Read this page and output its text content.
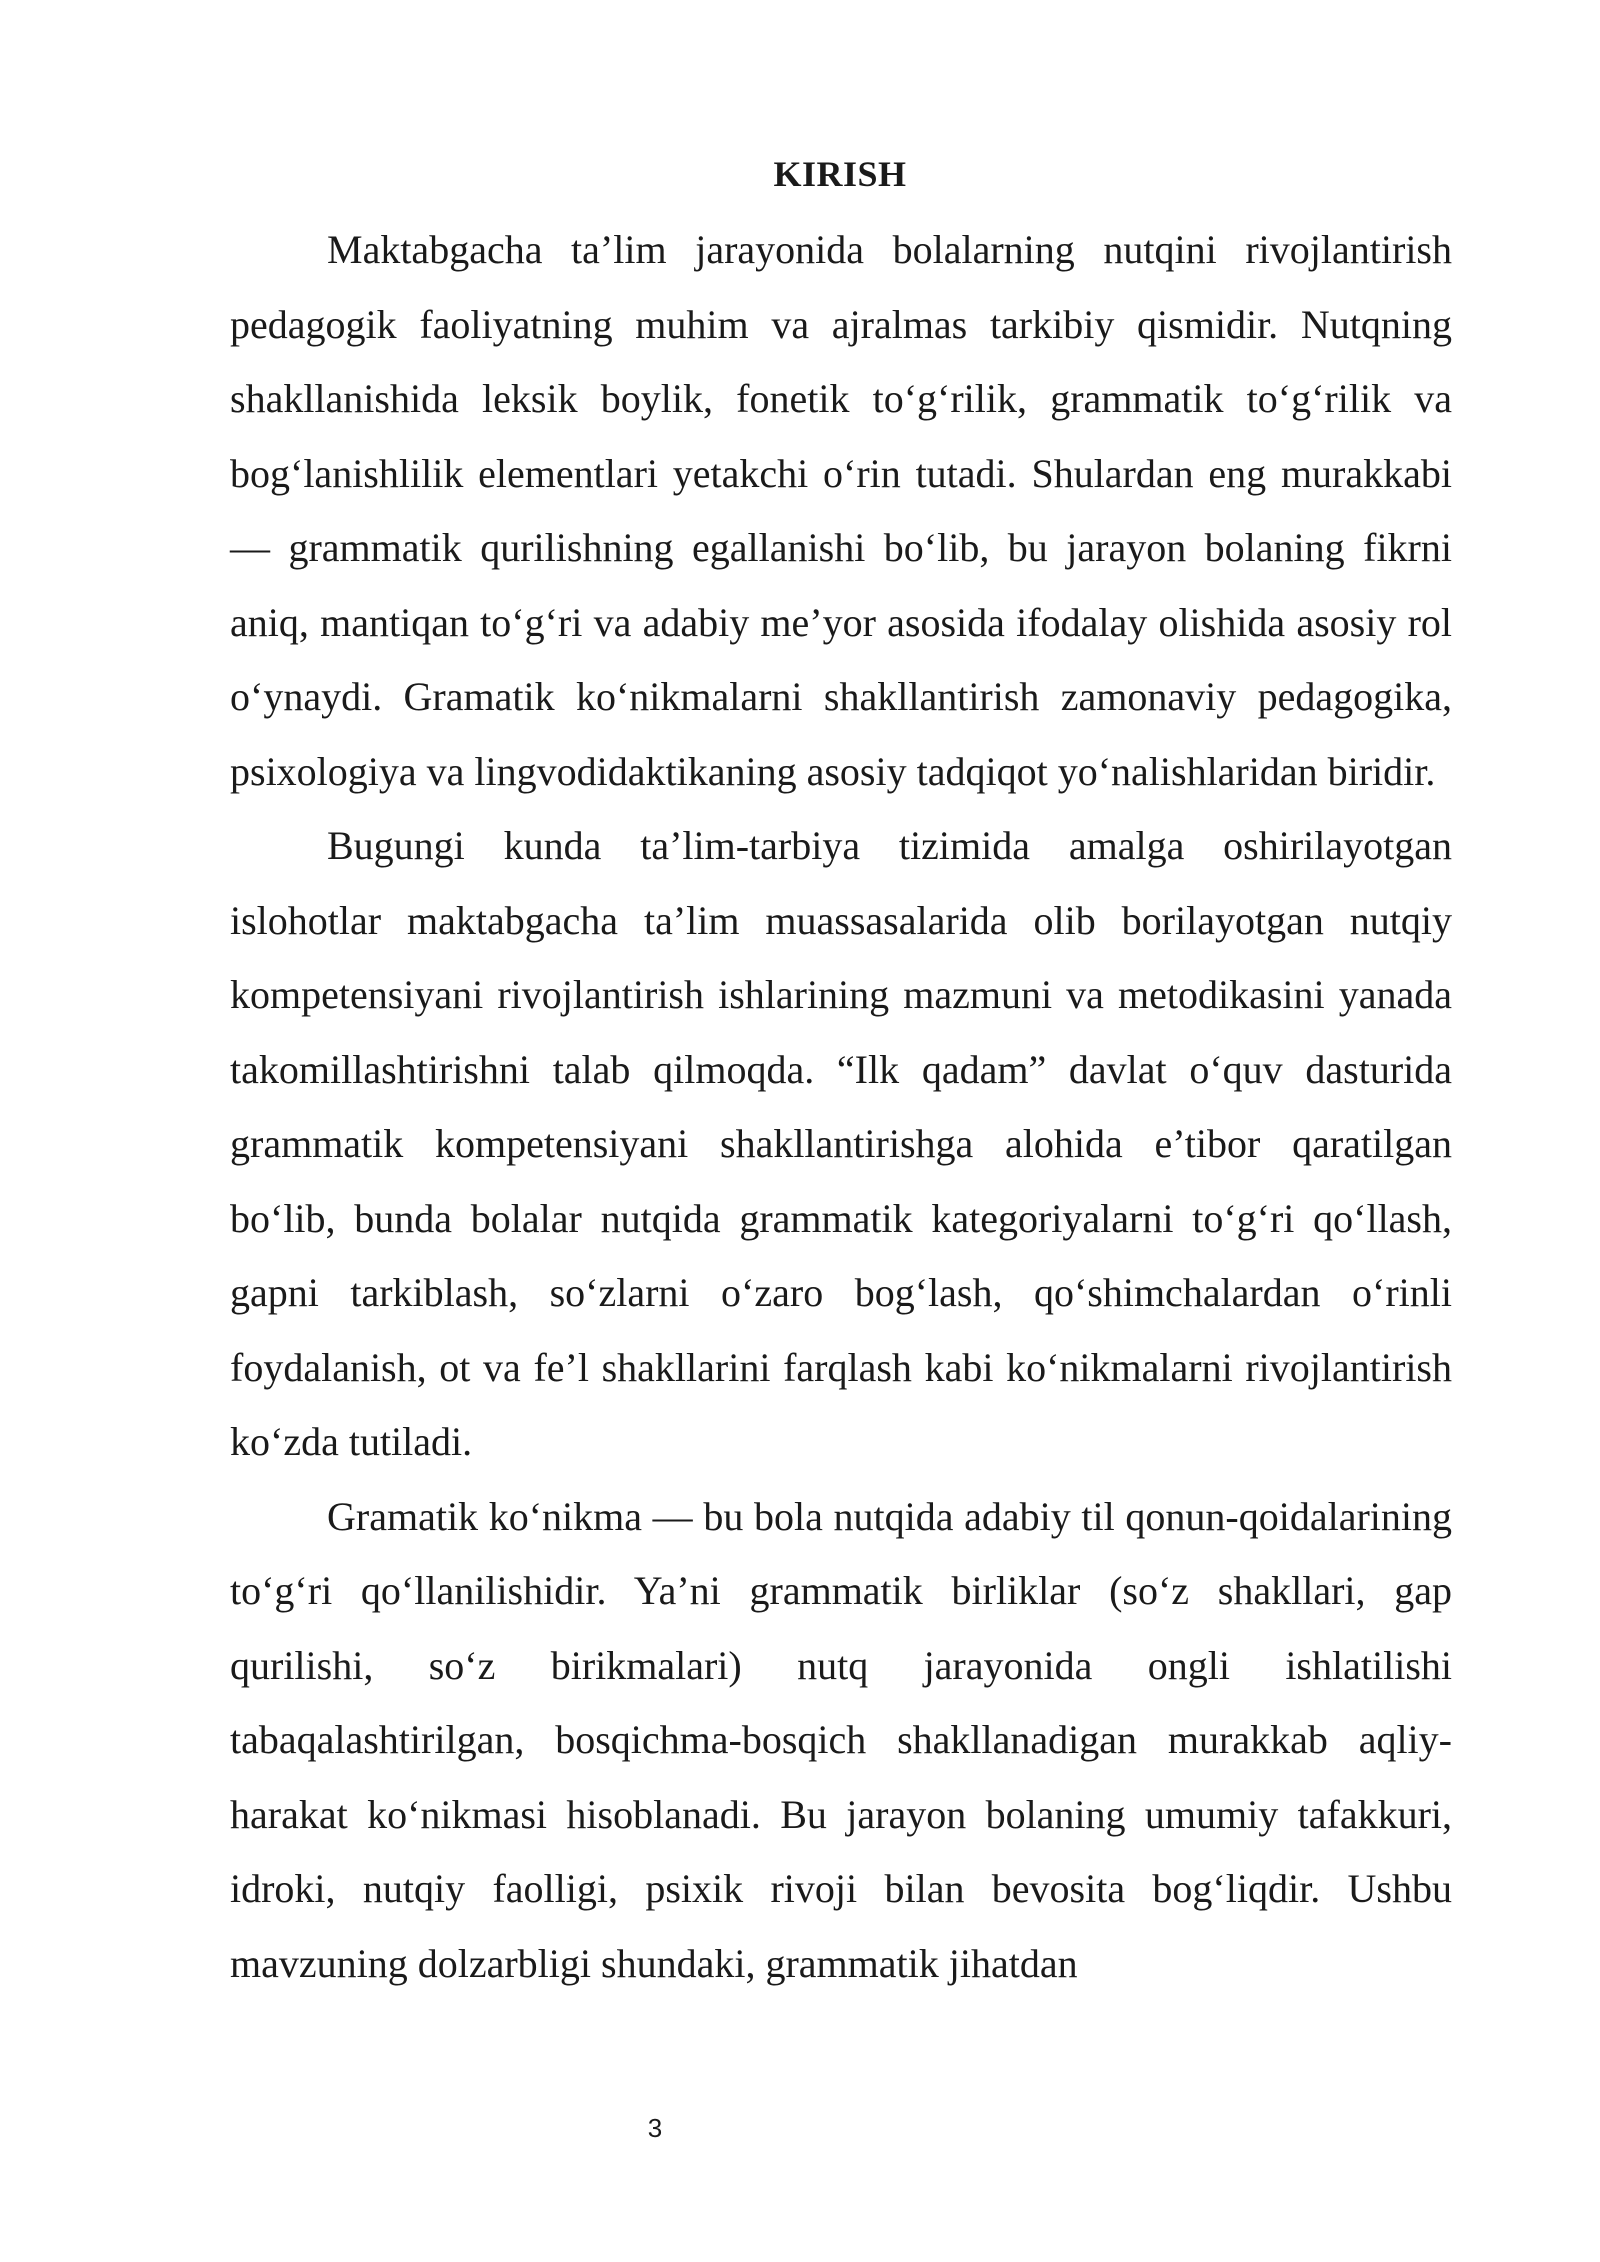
KIRISH

Maktabgacha ta’lim jarayonida bolalarning nutqini rivojlantirish pedagogik faoliyatning muhim va ajralmas tarkibiy qismidir. Nutqning shakllanishida leksik boylik, fonetik to‘g‘rilik, grammatik to‘g‘rilik va bog‘lanishlilik elementlari yetakchi o‘rin tutadi. Shulardan eng murakkabi — grammatik qurilishning egallanishi bo‘lib, bu jarayon bolaning fikrni aniq, mantiqan to‘g‘ri va adabiy me’yor asosida ifodalay olishida asosiy rol o‘ynaydi. Gramatik ko‘nikmalarni shakllantirish zamonaviy pedagogika, psixologiya va lingvodidaktikaning asosiy tadqiqot yo‘nalishlaridan biridir.

Bugungi kunda ta’lim-tarbiya tizimida amalga oshirilayotgan islohotlar maktabgacha ta’lim muassasalarida olib borilayotgan nutqiy kompetensiyani rivojlantirish ishlarining mazmuni va metodikasini yanada takomillashtirishni talab qilmoqda. “Ilk qadam” davlat o‘quv dasturida grammatik kompetensiyani shakllantirishga alohida e’tibor qaratilgan bo‘lib, bunda bolalar nutqida grammatik kategoriyalarni to‘g‘ri qo‘llash, gapni tarkiblash, so‘zlarni o‘zaro bog‘lash, qo‘shimchalardan o‘rinli foydalanish, ot va fe’l shakllarini farqlash kabi ko‘nikmalarni rivojlantirish ko‘zda tutiladi.

Gramatik ko‘nikma — bu bola nutqida adabiy til qonun-qoidalarining to‘g‘ri qo‘llanilishidir. Ya’ni grammatik birliklar (so‘z shakllari, gap qurilishi, so‘z birikmalari) nutq jarayonida ongli ishlatilishi tabaqalashtirilgan, bosqichma-bosqich shakllanadigan murakkab aqliy-harakat ko‘nikmasi hisoblanadi. Bu jarayon bolaning umumiy tafakkuri, idroki, nutqiy faolligi, psixik rivoji bilan bevosita bog‘liqdir. Ushbu mavzuning dolzarbligi shundaki, grammatik jihatdan

3
